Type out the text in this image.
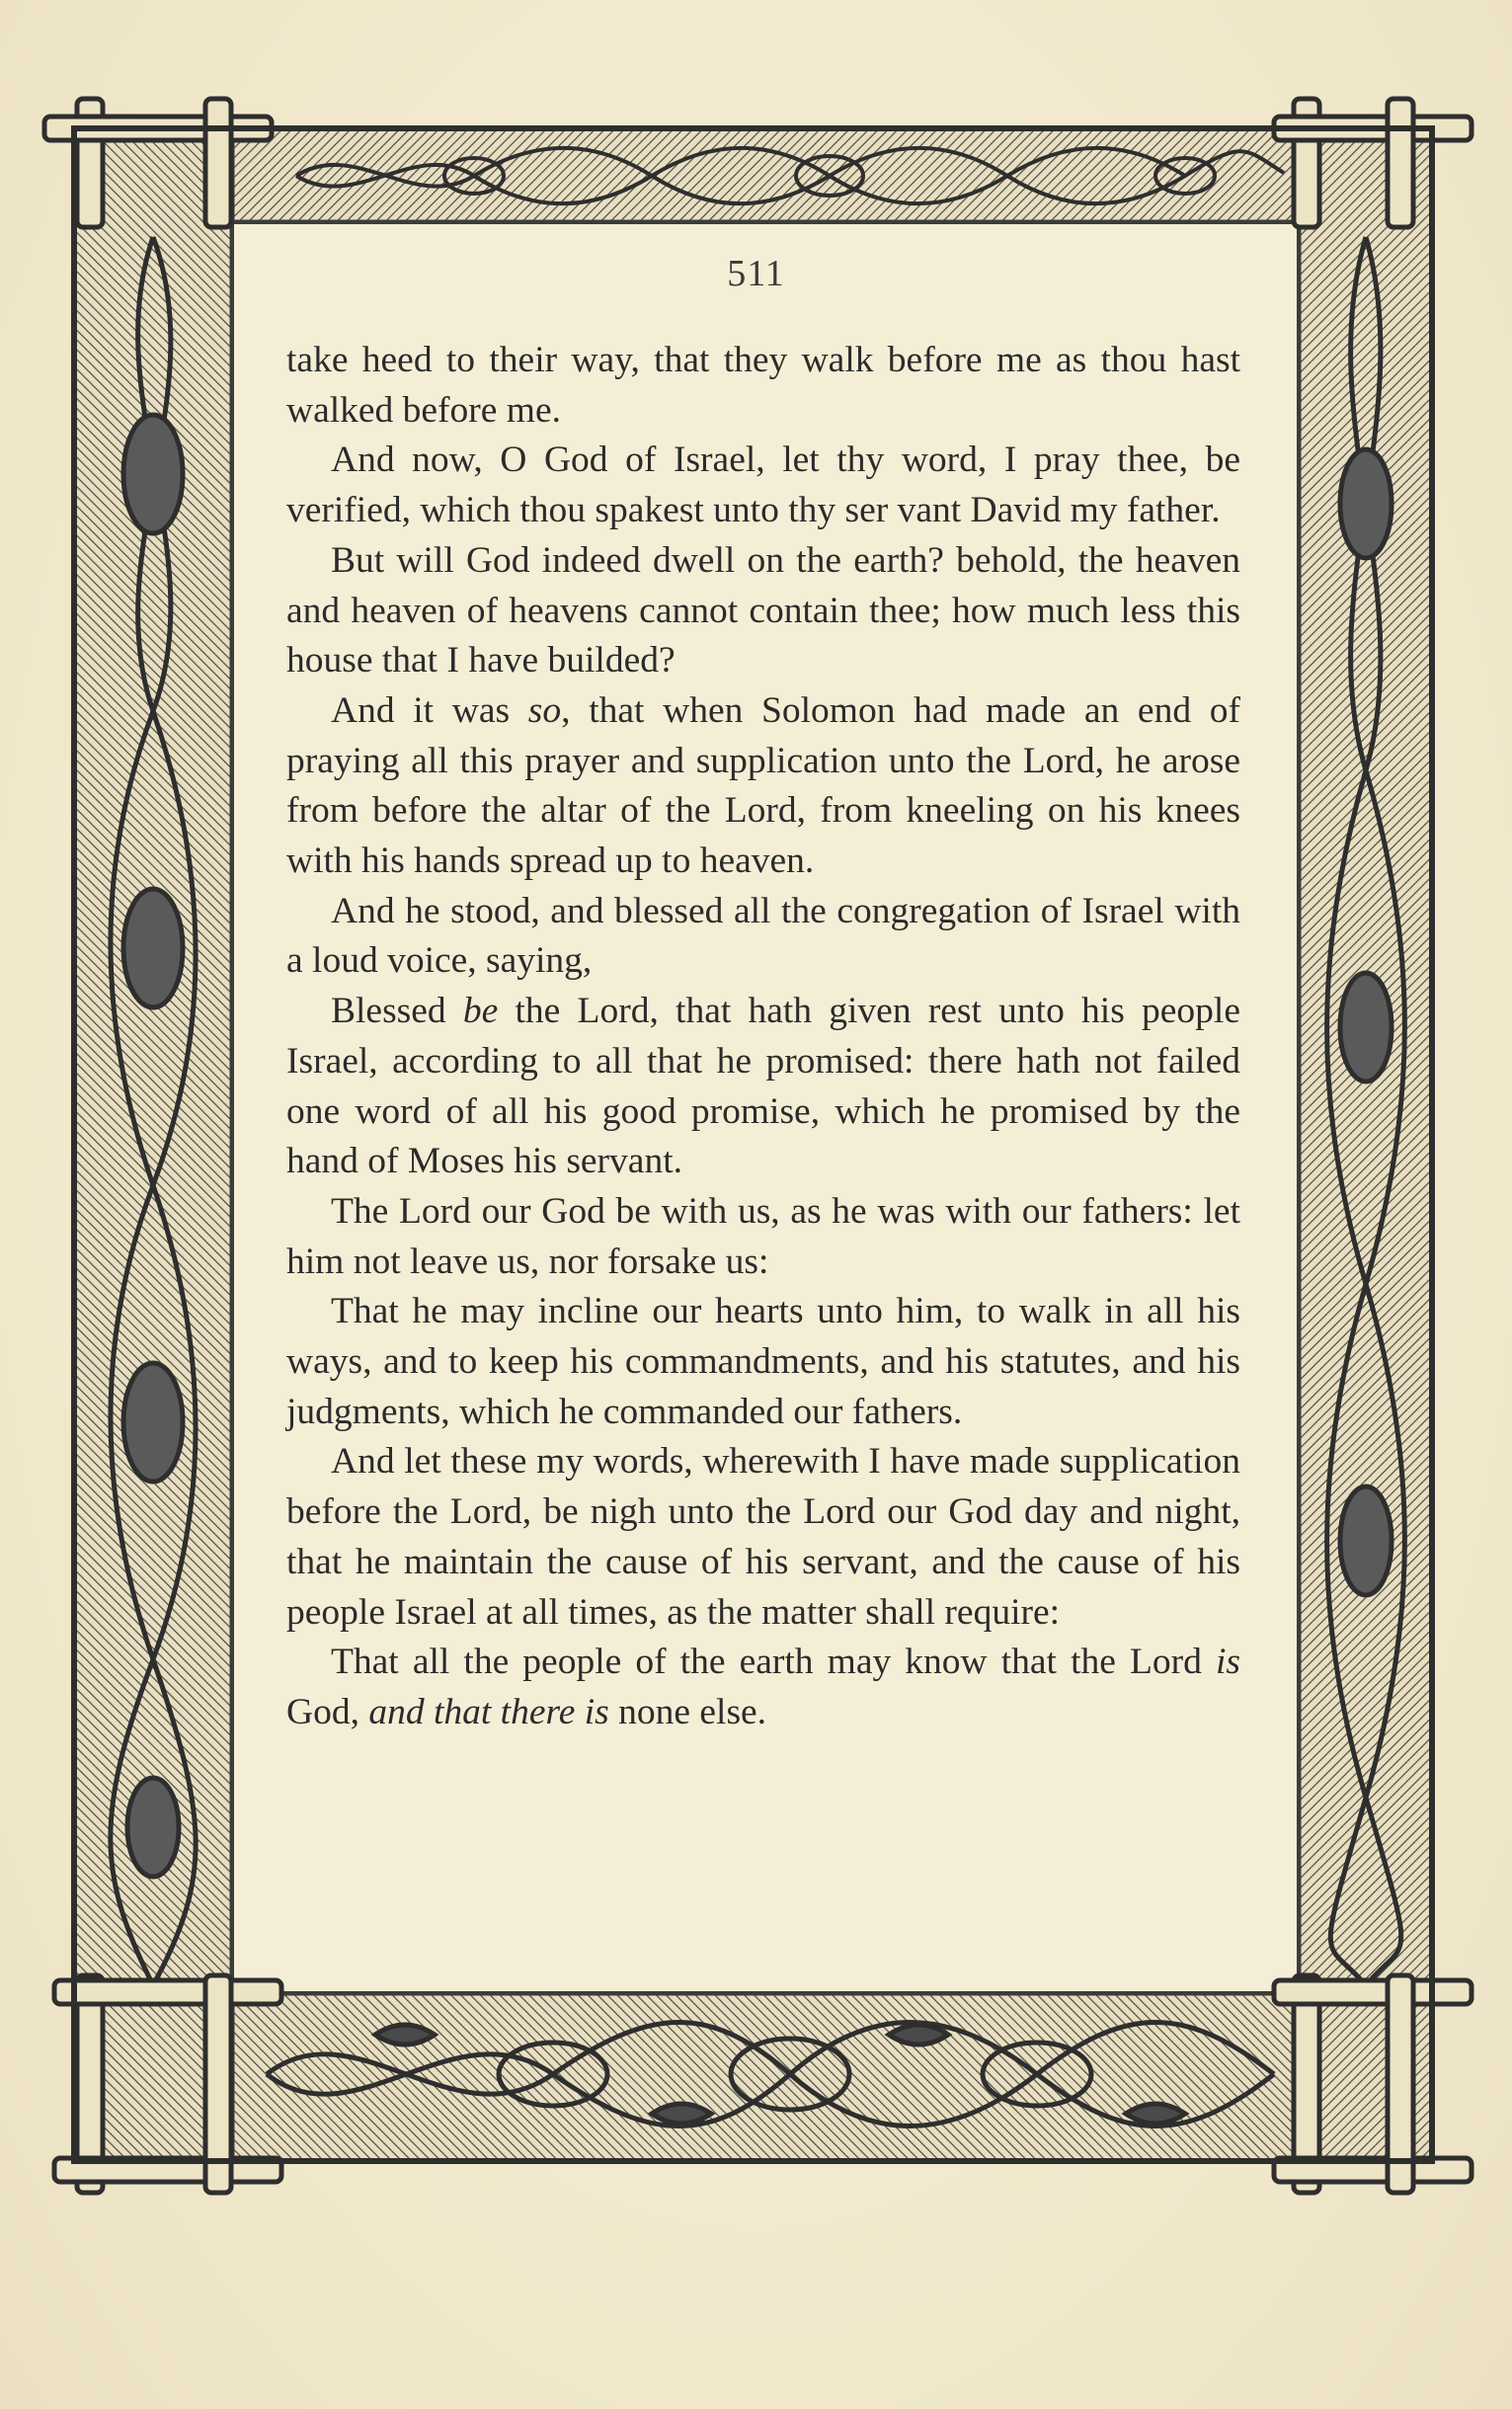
511

take heed to their way, that they walk before me as thou hast walked before me.

And now, O God of Israel, let thy word, I pray thee, be verified, which thou spakest unto thy ser vant David my father.

But will God indeed dwell on the earth? behold, the heaven and heaven of heavens cannot contain thee; how much less this house that I have builded?

And it was so, that when Solomon had made an end of praying all this prayer and supplication unto the Lord, he arose from before the altar of the Lord, from kneeling on his knees with his hands spread up to heaven.

And he stood, and blessed all the congregation of Israel with a loud voice, saying,

Blessed be the Lord, that hath given rest unto his people Israel, according to all that he promised: there hath not failed one word of all his good promise, which he promised by the hand of Moses his servant.

The Lord our God be with us, as he was with our fathers: let him not leave us, nor forsake us:

That he may incline our hearts unto him, to walk in all his ways, and to keep his commandments, and his statutes, and his judgments, which he commanded our fathers.

And let these my words, wherewith I have made supplication before the Lord, be nigh unto the Lord our God day and night, that he maintain the cause of his servant, and the cause of his people Israel at all times, as the matter shall require:

That all the people of the earth may know that the Lord is God, and that there is none else.
